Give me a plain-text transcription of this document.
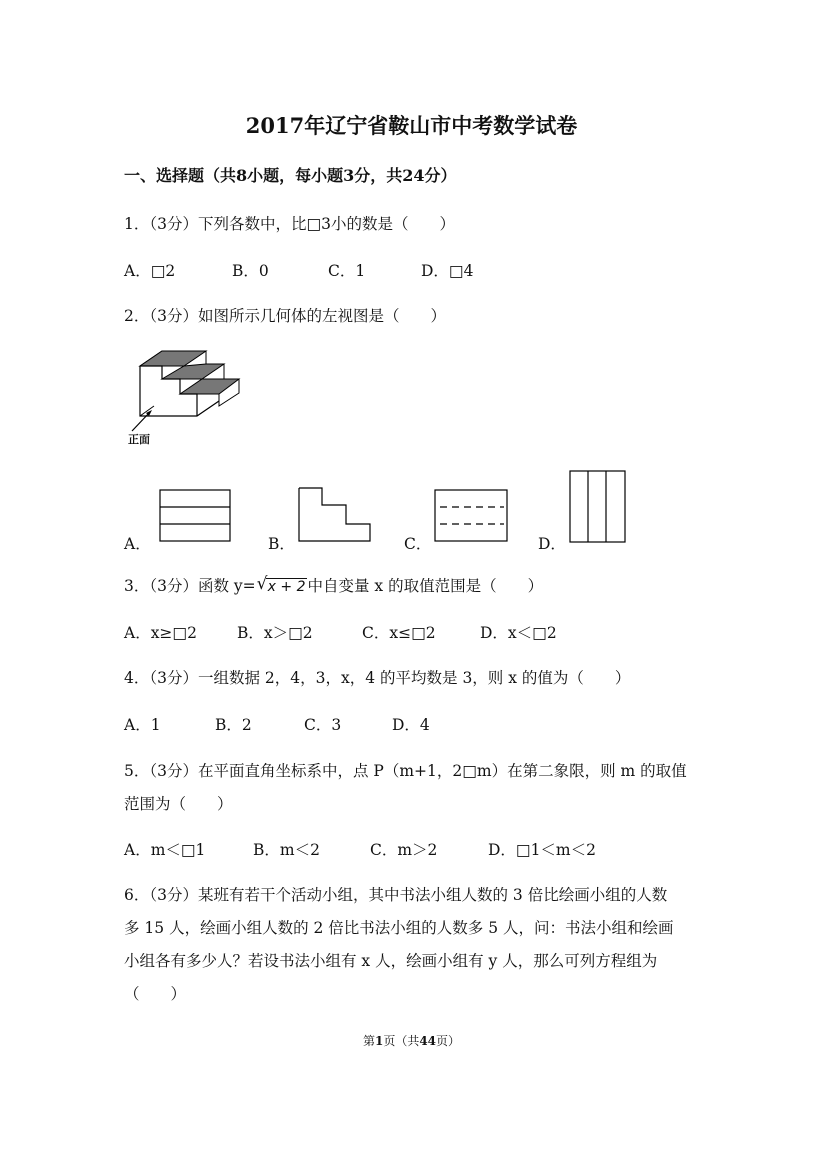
2017年辽宁省鞍山市中考数学试卷
一、选择题（共8小题，每小题3分，共24分）
1．（3分）下列各数中，比□3小的数是（　　）
A．□2	B．0	C．1	D．□4
2．（3分）如图所示几何体的左视图是（　　）
正面
A．	B．	C．	D．
3．（3分）函数 y= √ x + 2 中自变量 x 的取值范围是（　　）
A．x≥□2	B．x＞□2	C．x≤□2	D．x＜□2
4．（3分）一组数据 2，4，3，x，4 的平均数是 3，则 x 的值为（　　）
A．1	B．2	C．3	D．4
5．（3分）在平面直角坐标系中，点 P（m+1，2□m）在第二象限，则 m 的取值
范围为（　　）
A．m＜□1	B．m＜2	C．m＞2	D．□1＜m＜2
6．（3分）某班有若干个活动小组，其中书法小组人数的 3 倍比绘画小组的人数
多 15 人，绘画小组人数的 2 倍比书法小组的人数多 5 人，问：书法小组和绘画
小组各有多少人？若设书法小组有 x 人，绘画小组有 y 人，那么可列方程组为
（　　）
第1页（共44页）
